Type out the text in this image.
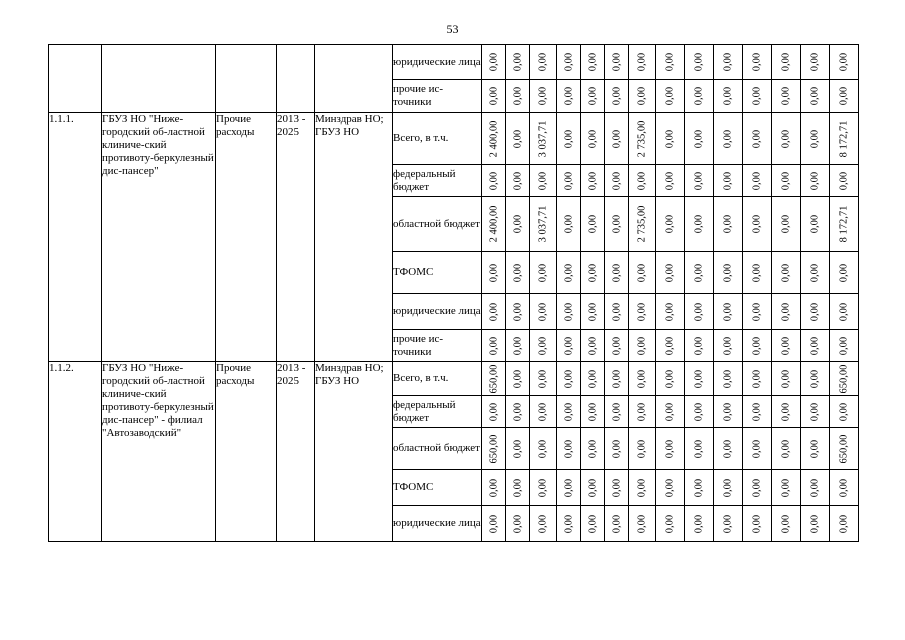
53

юридические лица	0,00	0,00	0,00	0,00	0,00	0,00	0,00	0,00	0,00	0,00	0,00	0,00	0,00	0,00

прочие ис-точники	0,00	0,00	0,00	0,00	0,00	0,00	0,00	0,00	0,00	0,00	0,00	0,00	0,00	0,00

1.1.1.	ГБУЗ НО "Ниже-городский об-ластной клиниче-ский противоту-беркулезный дис-пансер"	Прочие расходы	2013 - 2025	Минздрав НО; ГБУЗ НО	Всего, в т.ч.	2 400,00	0,00	3 037,71	0,00	0,00	0,00	2 735,00	0,00	0,00	0,00	0,00	0,00	0,00	8 172,71

федеральный бюджет	0,00	0,00	0,00	0,00	0,00	0,00	0,00	0,00	0,00	0,00	0,00	0,00	0,00	0,00

областной бюджет	2 400,00	0,00	3 037,71	0,00	0,00	0,00	2 735,00	0,00	0,00	0,00	0,00	0,00	0,00	8 172,71

ТФОМС	0,00	0,00	0,00	0,00	0,00	0,00	0,00	0,00	0,00	0,00	0,00	0,00	0,00	0,00

юридические лица	0,00	0,00	0,00	0,00	0,00	0,00	0,00	0,00	0,00	0,00	0,00	0,00	0,00	0,00

прочие ис-точники	0,00	0,00	0,00	0,00	0,00	0,00	0,00	0,00	0,00	0,00	0,00	0,00	0,00	0,00

1.1.2.	ГБУЗ НО "Ниже-городский об-ластной клиниче-ский противоту-беркулезный дис-пансер" - филиал "Автозаводский"	Прочие расходы	2013 - 2025	Минздрав НО; ГБУЗ НО	Всего, в т.ч.	650,00	0,00	0,00	0,00	0,00	0,00	0,00	0,00	0,00	0,00	0,00	0,00	0,00	650,00

федеральный бюджет	0,00	0,00	0,00	0,00	0,00	0,00	0,00	0,00	0,00	0,00	0,00	0,00	0,00	0,00

областной бюджет	650,00	0,00	0,00	0,00	0,00	0,00	0,00	0,00	0,00	0,00	0,00	0,00	0,00	650,00

ТФОМС	0,00	0,00	0,00	0,00	0,00	0,00	0,00	0,00	0,00	0,00	0,00	0,00	0,00	0,00

юридические лица	0,00	0,00	0,00	0,00	0,00	0,00	0,00	0,00	0,00	0,00	0,00	0,00	0,00	0,00
